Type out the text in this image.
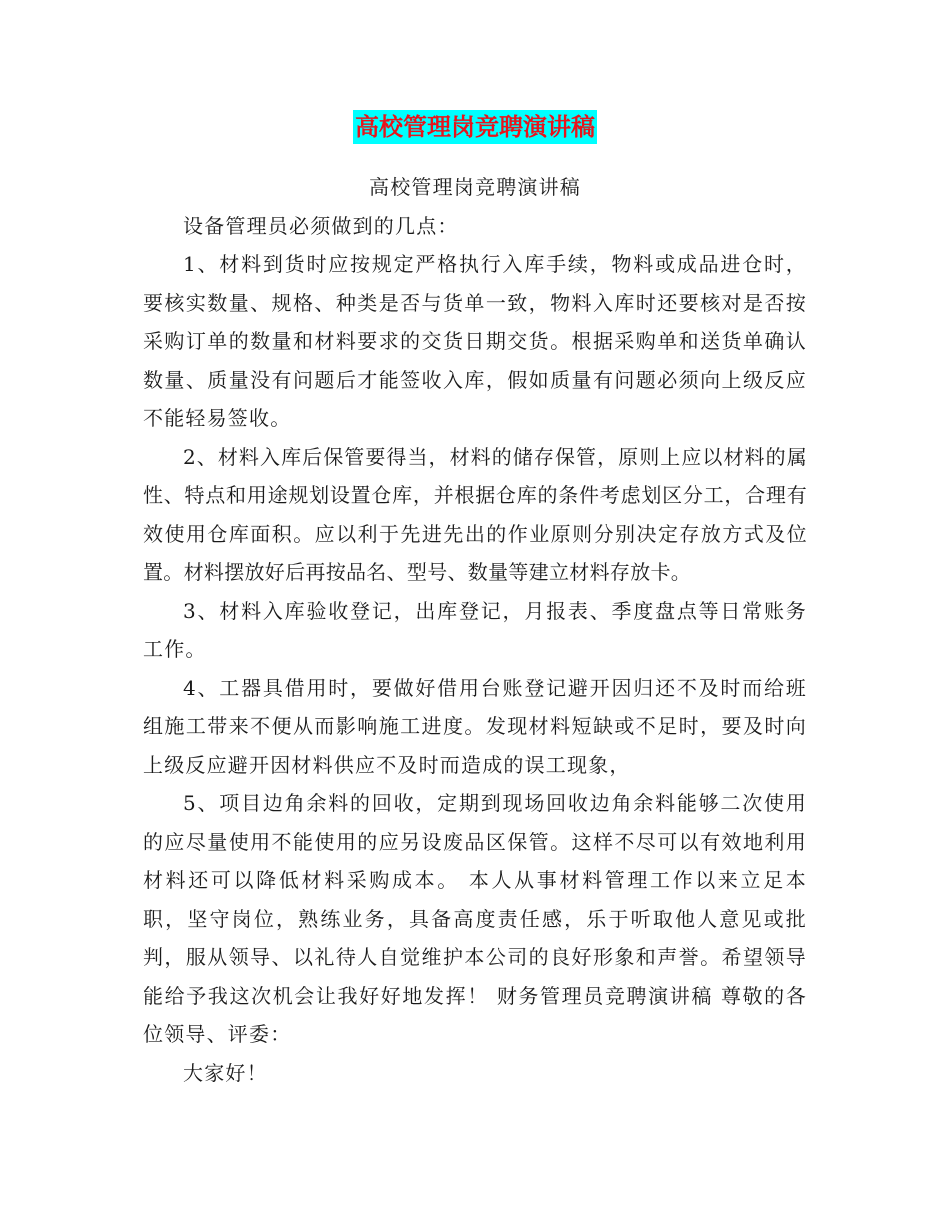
高校管理岗竞聘演讲稿

高校管理岗竞聘演讲稿

设备管理员必须做到的几点：

1、材料到货时应按规定严格执行入库手续，物料或成品进仓时，要核实数量、规格、种类是否与货单一致，物料入库时还要核对是否按采购订单的数量和材料要求的交货日期交货。根据采购单和送货单确认数量、质量没有问题后才能签收入库，假如质量有问题必须向上级反应不能轻易签收。

2、材料入库后保管要得当，材料的储存保管，原则上应以材料的属性、特点和用途规划设置仓库，并根据仓库的条件考虑划区分工，合理有效使用仓库面积。应以利于先进先出的作业原则分别决定存放方式及位置。材料摆放好后再按品名、型号、数量等建立材料存放卡。

3、材料入库验收登记，出库登记，月报表、季度盘点等日常账务工作。

4、工器具借用时，要做好借用台账登记避开因归还不及时而给班组施工带来不便从而影响施工进度。发现材料短缺或不足时，要及时向上级反应避开因材料供应不及时而造成的误工现象，

5、项目边角余料的回收，定期到现场回收边角余料能够二次使用的应尽量使用不能使用的应另设废品区保管。这样不尽可以有效地利用材料还可以降低材料采购成本。 本人从事材料管理工作以来立足本职，坚守岗位，熟练业务，具备高度责任感，乐于听取他人意见或批判，服从领导、以礼待人自觉维护本公司的良好形象和声誉。希望领导能给予我这次机会让我好好地发挥！ 财务管理员竞聘演讲稿 尊敬的各位领导、评委：

大家好！
